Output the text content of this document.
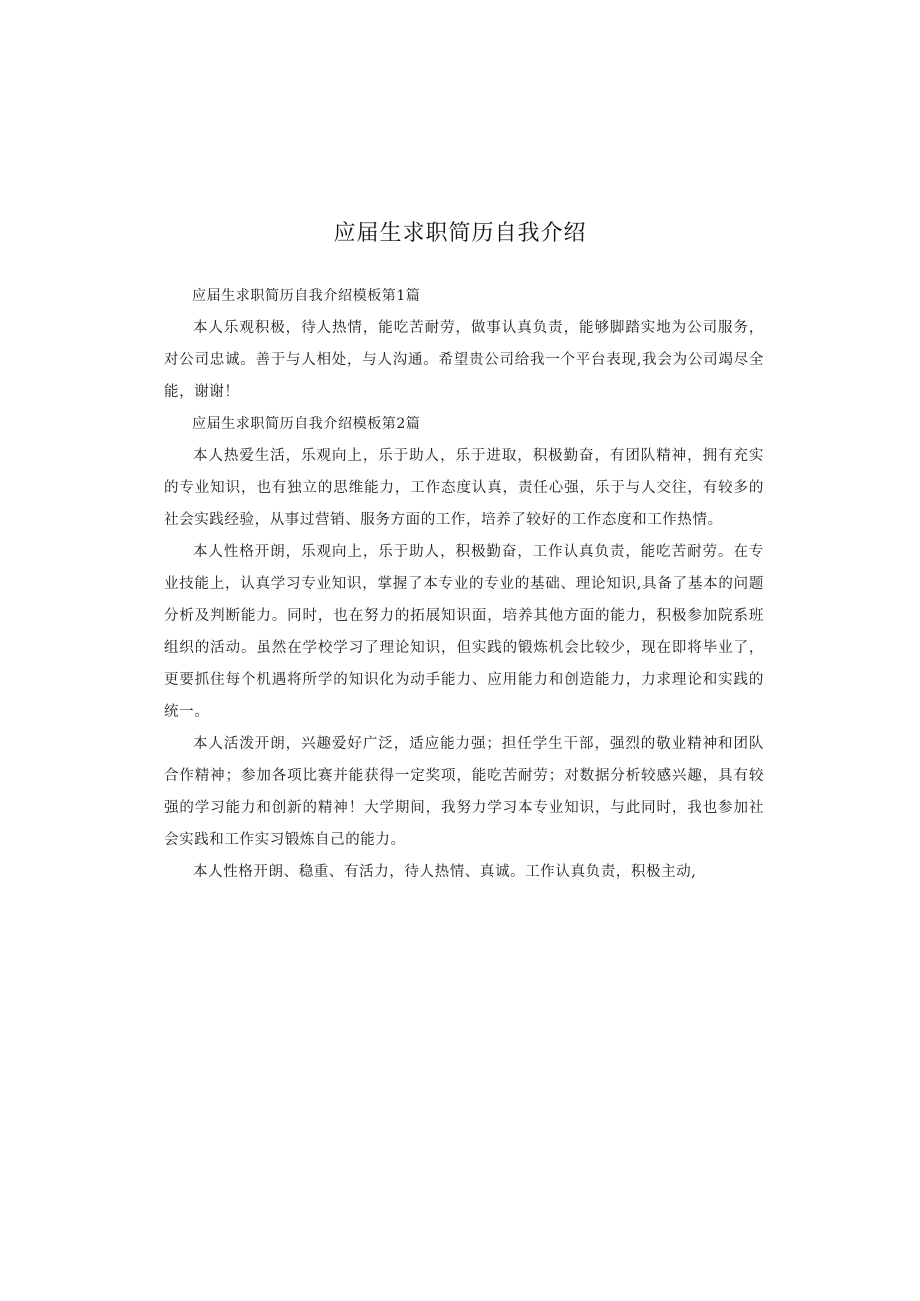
应届生求职简历自我介绍

应届生求职简历自我介绍模板第1篇

本人乐观积极，待人热情，能吃苦耐劳，做事认真负责，能够脚踏实地为公司服务，对公司忠诚。善于与人相处，与人沟通。希望贵公司给我一个平台表现,我会为公司竭尽全能，谢谢！

应届生求职简历自我介绍模板第2篇

本人热爱生活，乐观向上，乐于助人，乐于进取，积极勤奋，有团队精神，拥有充实的专业知识，也有独立的思维能力，工作态度认真，责任心强，乐于与人交往，有较多的社会实践经验，从事过营销、服务方面的工作，培养了较好的工作态度和工作热情。

本人性格开朗，乐观向上，乐于助人，积极勤奋，工作认真负责，能吃苦耐劳。在专业技能上，认真学习专业知识，掌握了本专业的专业的基础、理论知识,具备了基本的问题分析及判断能力。同时，也在努力的拓展知识面，培养其他方面的能力，积极参加院系班组织的活动。虽然在学校学习了理论知识，但实践的锻炼机会比较少，现在即将毕业了，更要抓住每个机遇将所学的知识化为动手能力、应用能力和创造能力，力求理论和实践的统一。

本人活泼开朗，兴趣爱好广泛，适应能力强；担任学生干部，强烈的敬业精神和团队合作精神；参加各项比赛并能获得一定奖项，能吃苦耐劳；对数据分析较感兴趣，具有较强的学习能力和创新的精神！大学期间，我努力学习本专业知识，与此同时，我也参加社会实践和工作实习锻炼自己的能力。

本人性格开朗、稳重、有活力，待人热情、真诚。工作认真负责，积极主动,
